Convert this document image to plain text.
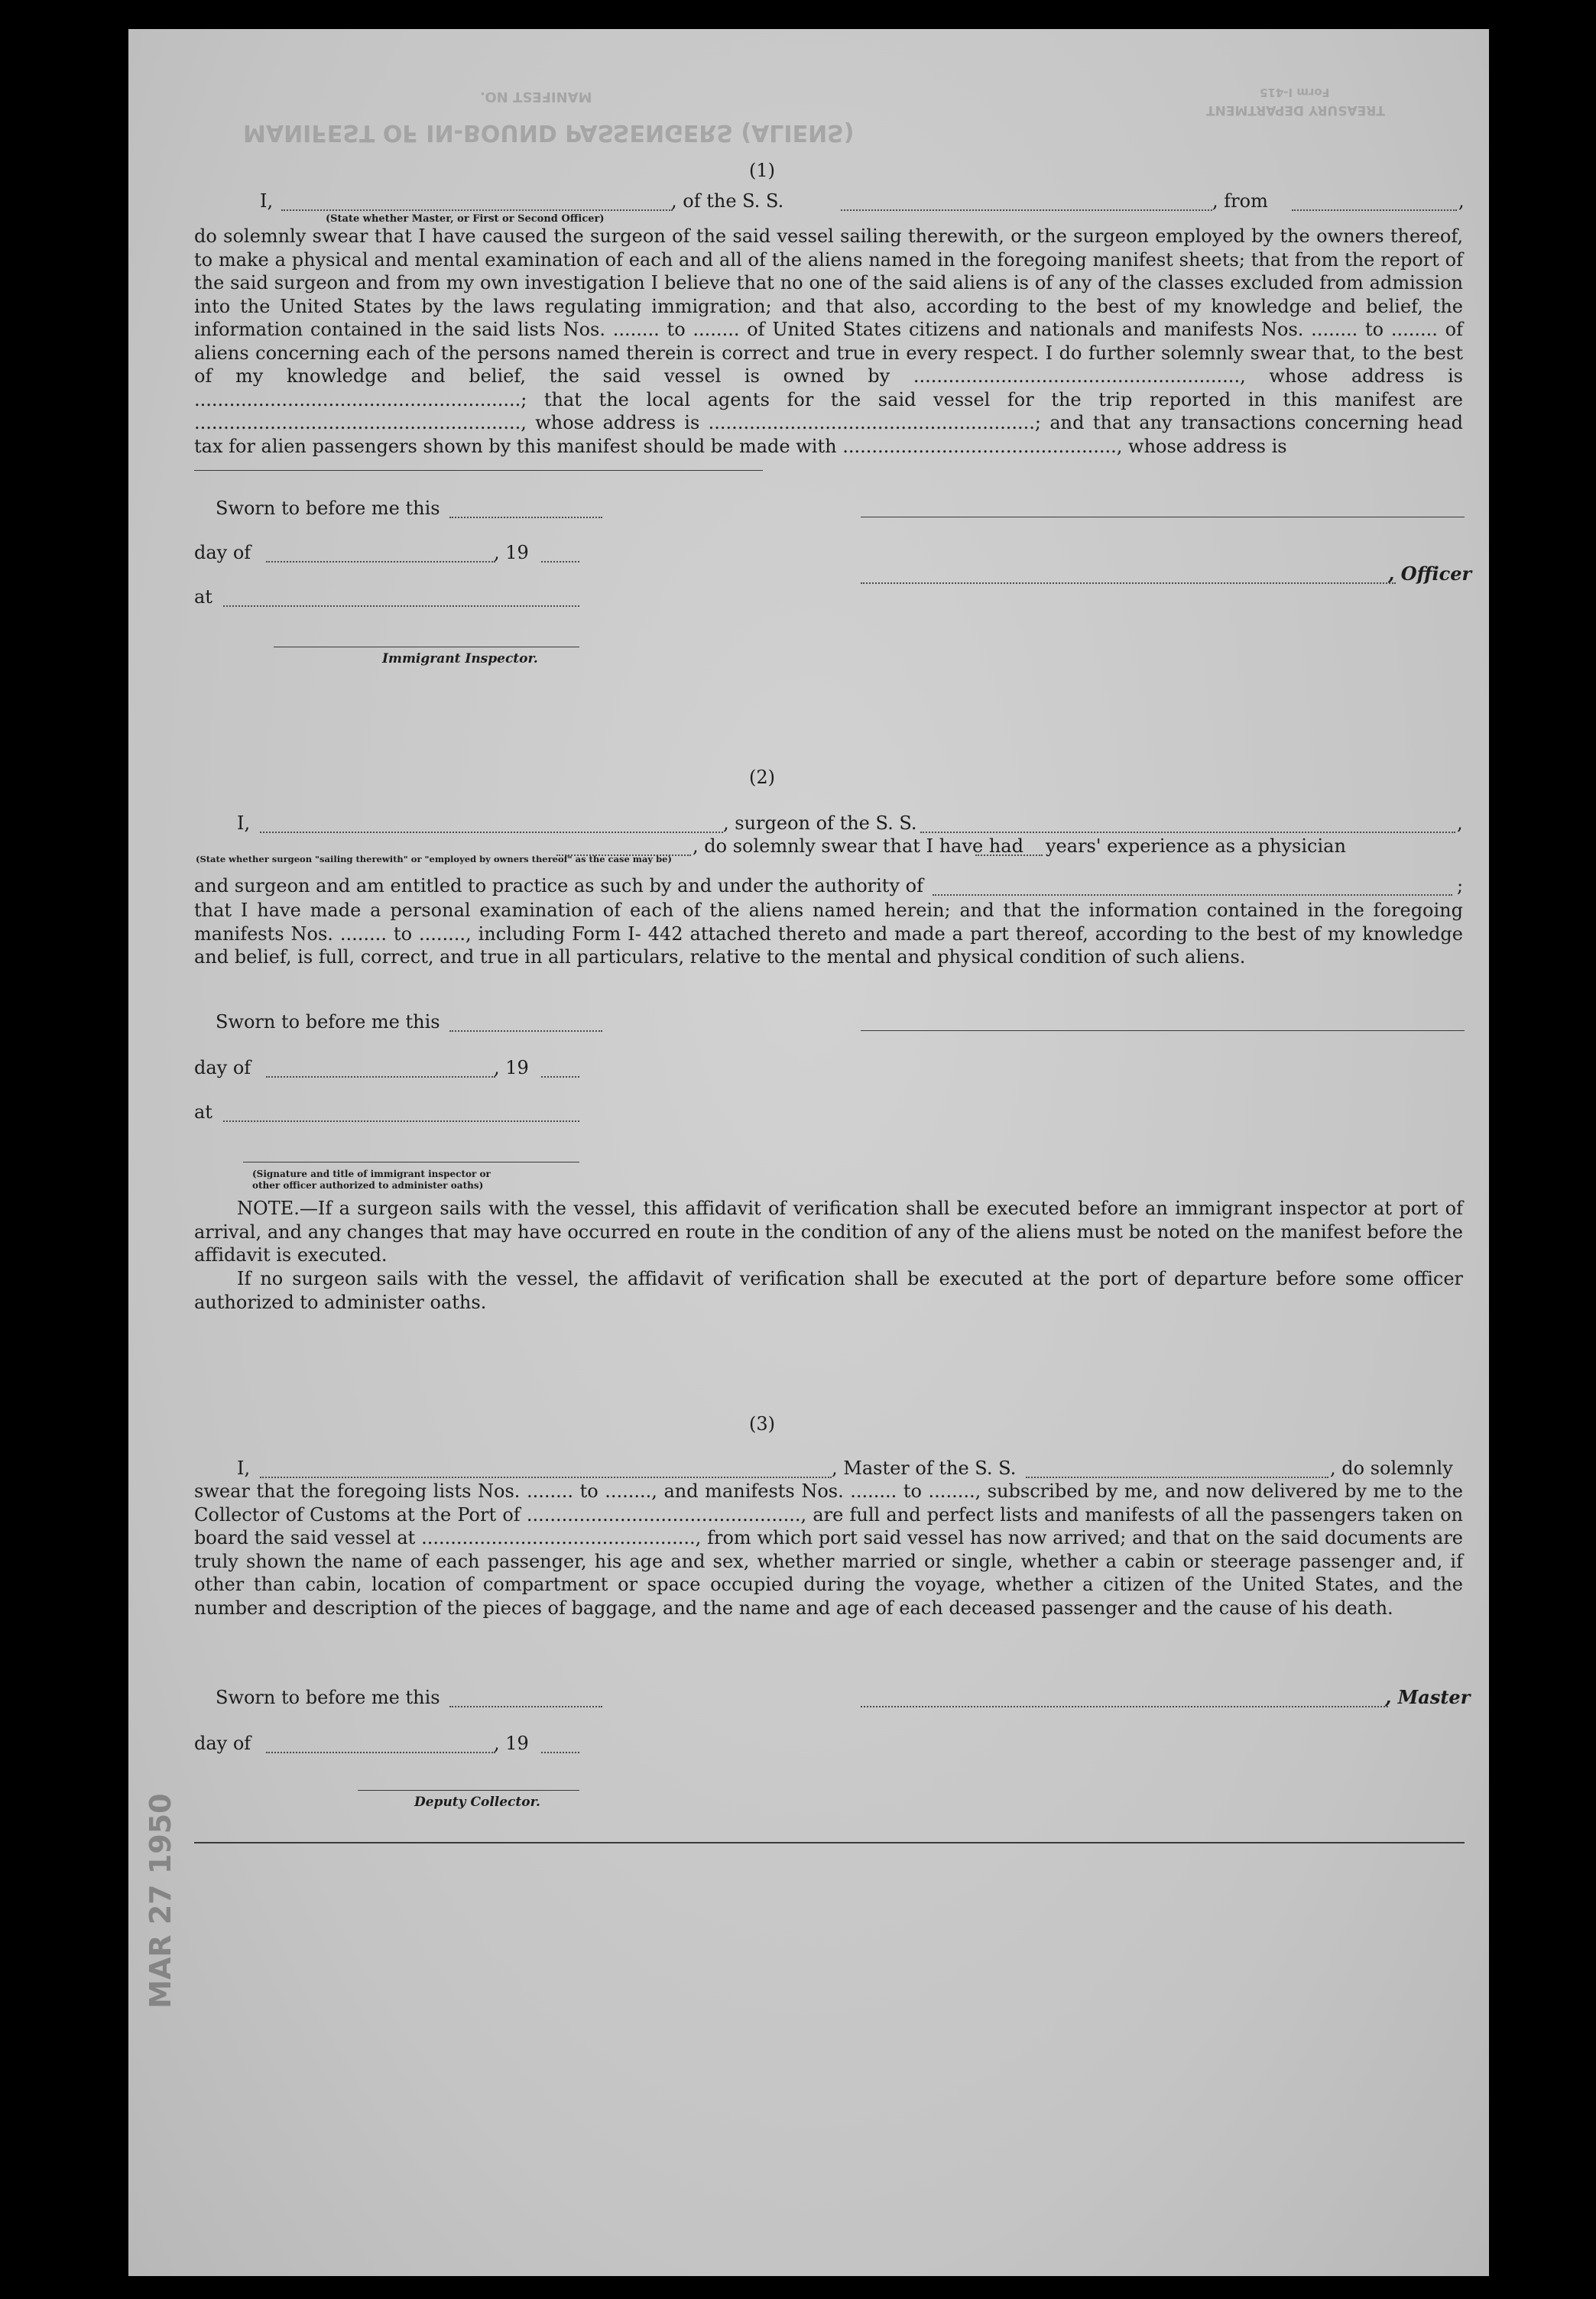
MANIFEST OF IN-BOUND PASSENGERS (ALIENS)
MANIFEST NO.	Form I-415
TREASURY DEPARTMENT
(1)
I,	, of the S. S.	, from	,
(State whether Master, or First or Second Officer)
do solemnly swear that I have caused the surgeon of the said vessel sailing therewith, or the surgeon employed by the owners thereof, to make a physical and mental examination of each and all of the aliens named in the foregoing manifest sheets; that from the report of the said surgeon and from my own investigation I believe that no one of the said aliens is of any of the classes excluded from admission into the United States by the laws regulating immigration; and that also, according to the best of my knowledge and belief, the information contained in the said lists Nos. ........ to ........ of United States citizens and nationals and manifests Nos. ........ to ........ of aliens concerning each of the persons named therein is correct and true in every respect. I do further solemnly swear that, to the best of my knowledge and belief, the said vessel is owned by ........................................................, whose address is ........................................................; that the local agents for the said vessel for the trip reported in this manifest are ........................................................, whose address is ........................................................; and that any transactions concerning head tax for alien passengers shown by this manifest should be made with ..............................................., whose address is
Sworn to before me this
day of	, 19
, Officer
at
Immigrant Inspector.
(2)
I,	, surgeon of the S. S.	,
(State whether surgeon "sailing therewith" or "employed by owners thereof" as the case may be)
, do solemnly swear that I have had years' experience as a physician
and surgeon and am entitled to practice as such by and under the authority of	;
that I have made a personal examination of each of the aliens named herein; and that the information contained in the foregoing manifests Nos. ........ to ........, including Form I- 442 attached thereto and made a part thereof, according to the best of my knowledge and belief, is full, correct, and true in all particulars, relative to the mental and physical condition of such aliens.
Sworn to before me this
day of	, 19
at
(Signature and title of immigrant inspector or
other officer authorized to administer oaths)
NOTE.—If a surgeon sails with the vessel, this affidavit of verification shall be executed before an immigrant inspector at port of arrival, and any changes that may have occurred en route in the condition of any of the aliens must be noted on the manifest before the affidavit is executed.
If no surgeon sails with the vessel, the affidavit of verification shall be executed at the port of departure before some officer authorized to administer oaths.
(3)
I,	, Master of the S. S.	, do solemnly
swear that the foregoing lists Nos. ........ to ........, and manifests Nos. ........ to ........, subscribed by me, and now delivered by me to the Collector of Customs at the Port of ..............................................., are full and perfect lists and manifests of all the passengers taken on board the said vessel at ..............................................., from which port said vessel has now arrived; and that on the said documents are truly shown the name of each passenger, his age and sex, whether married or single, whether a cabin or steerage passenger and, if other than cabin, location of compartment or space occupied during the voyage, whether a citizen of the United States, and the number and description of the pieces of baggage, and the name and age of each deceased passenger and the cause of his death.
Sworn to before me this	, Master
day of	, 19
Deputy Collector.
MAR 27 1950
